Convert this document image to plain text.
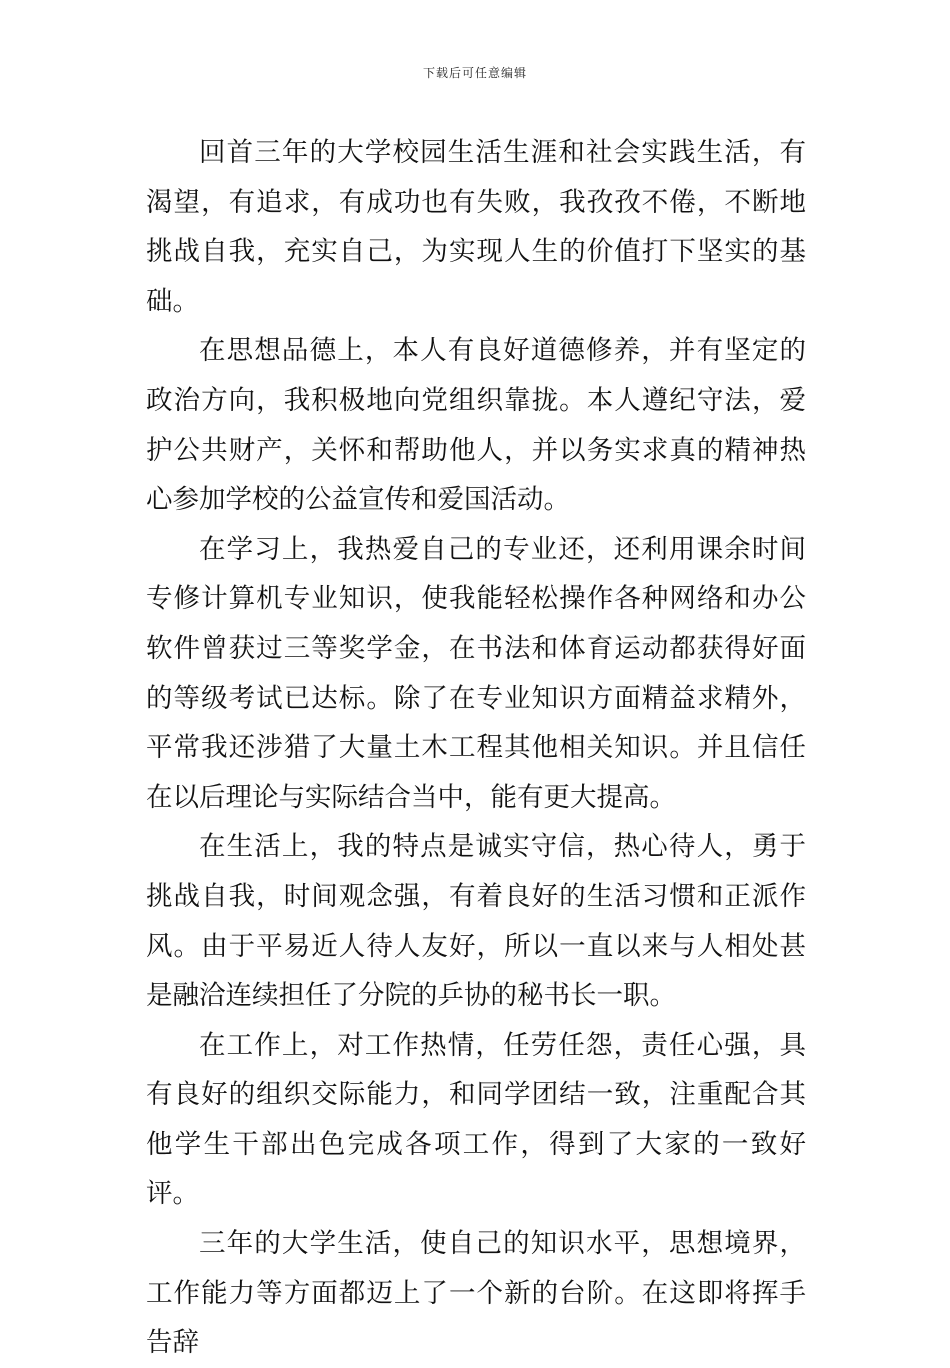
下载后可任意编辑

回首三年的大学校园生活生涯和社会实践生活，有渴望，有追求，有成功也有失败，我孜孜不倦，不断地挑战自我，充实自己，为实现人生的价值打下坚实的基础。

在思想品德上，本人有良好道德修养，并有坚定的政治方向，我积极地向党组织靠拢。本人遵纪守法，爱护公共财产，关怀和帮助他人，并以务实求真的精神热心参加学校的公益宣传和爱国活动。

在学习上，我热爱自己的专业还，还利用课余时间专修计算机专业知识，使我能轻松操作各种网络和办公软件曾获过三等奖学金，在书法和体育运动都获得好面的等级考试已达标。除了在专业知识方面精益求精外，平常我还涉猎了大量土木工程其他相关知识。并且信任在以后理论与实际结合当中，能有更大提高。

在生活上，我的特点是诚实守信，热心待人，勇于挑战自我，时间观念强，有着良好的生活习惯和正派作风。由于平易近人待人友好，所以一直以来与人相处甚是融洽连续担任了分院的乒协的秘书长一职。

在工作上，对工作热情，任劳任怨，责任心强，具有良好的组织交际能力，和同学团结一致，注重配合其他学生干部出色完成各项工作，得到了大家的一致好评。

三年的大学生活，使自己的知识水平，思想境界，工作能力等方面都迈上了一个新的台阶。在这即将挥手告辞
